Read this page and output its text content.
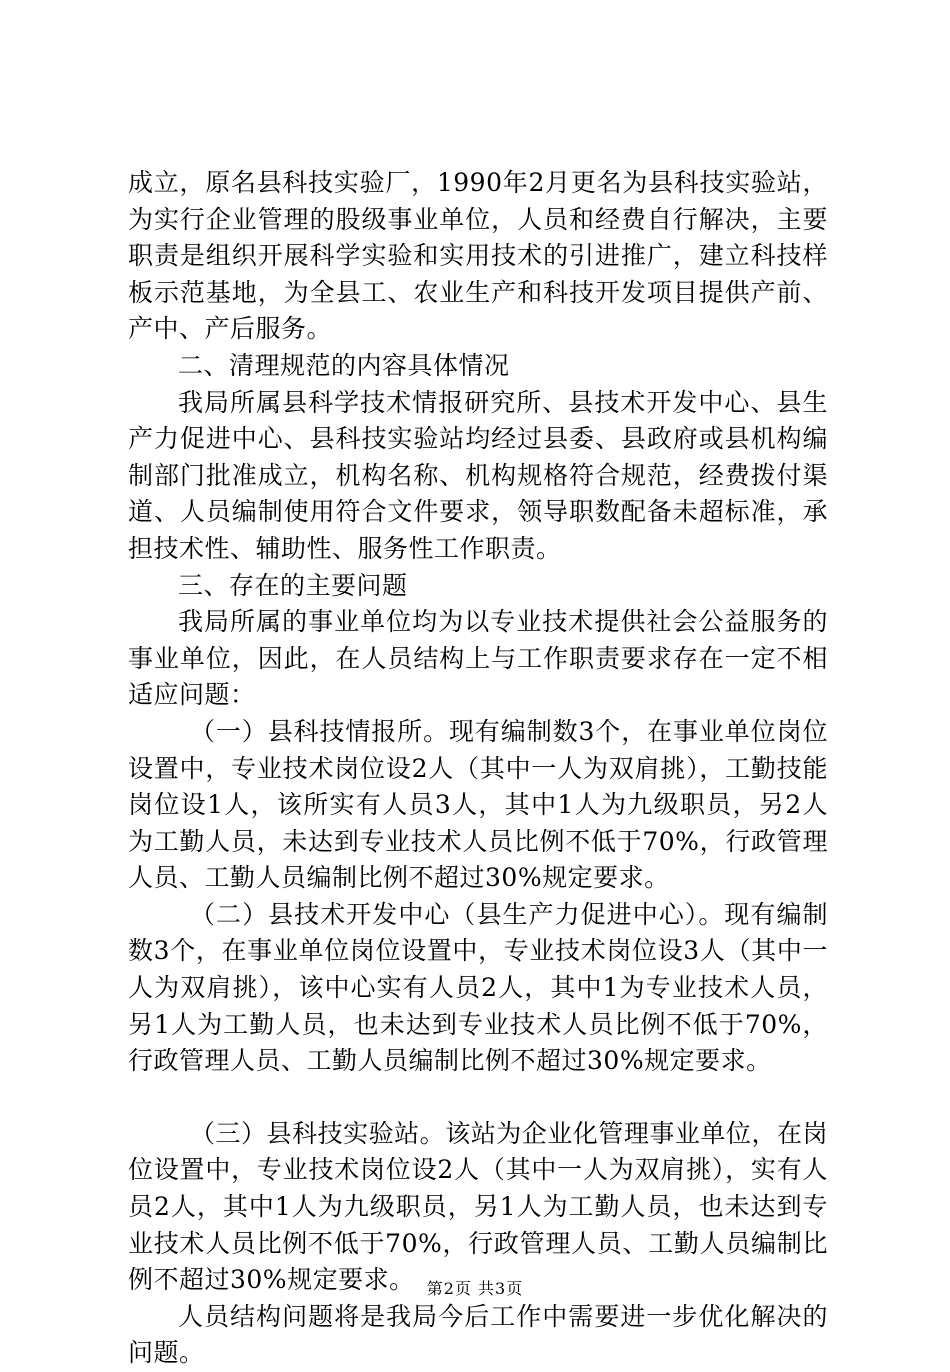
成立，原名县科技实验厂，1990年2月更名为县科技实验站，为实行企业管理的股级事业单位，人员和经费自行解决，主要职责是组织开展科学实验和实用技术的引进推广，建立科技样板示范基地，为全县工、农业生产和科技开发项目提供产前、产中、产后服务。

二、清理规范的内容具体情况

我局所属县科学技术情报研究所、县技术开发中心、县生产力促进中心、县科技实验站均经过县委、县政府或县机构编制部门批准成立，机构名称、机构规格符合规范，经费拨付渠道、人员编制使用符合文件要求，领导职数配备未超标准，承担技术性、辅助性、服务性工作职责。

三、存在的主要问题

我局所属的事业单位均为以专业技术提供社会公益服务的事业单位，因此，在人员结构上与工作职责要求存在一定不相适应问题：

（一）县科技情报所。现有编制数3个，在事业单位岗位设置中，专业技术岗位设2人（其中一人为双肩挑），工勤技能岗位设1人，该所实有人员3人，其中1人为九级职员，另2人为工勤人员，未达到专业技术人员比例不低于70%，行政管理人员、工勤人员编制比例不超过30%规定要求。

（二）县技术开发中心（县生产力促进中心）。现有编制数3个，在事业单位岗位设置中，专业技术岗位设3人（其中一人为双肩挑），该中心实有人员2人，其中1为专业技术人员，另1人为工勤人员，也未达到专业技术人员比例不低于70%，行政管理人员、工勤人员编制比例不超过30%规定要求。

（三）县科技实验站。该站为企业化管理事业单位，在岗位设置中，专业技术岗位设2人（其中一人为双肩挑），实有人员2人，其中1人为九级职员，另1人为工勤人员，也未达到专业技术人员比例不低于70%，行政管理人员、工勤人员编制比例不超过30%规定要求。

人员结构问题将是我局今后工作中需要进一步优化解决的问题。

第2页 共3页
